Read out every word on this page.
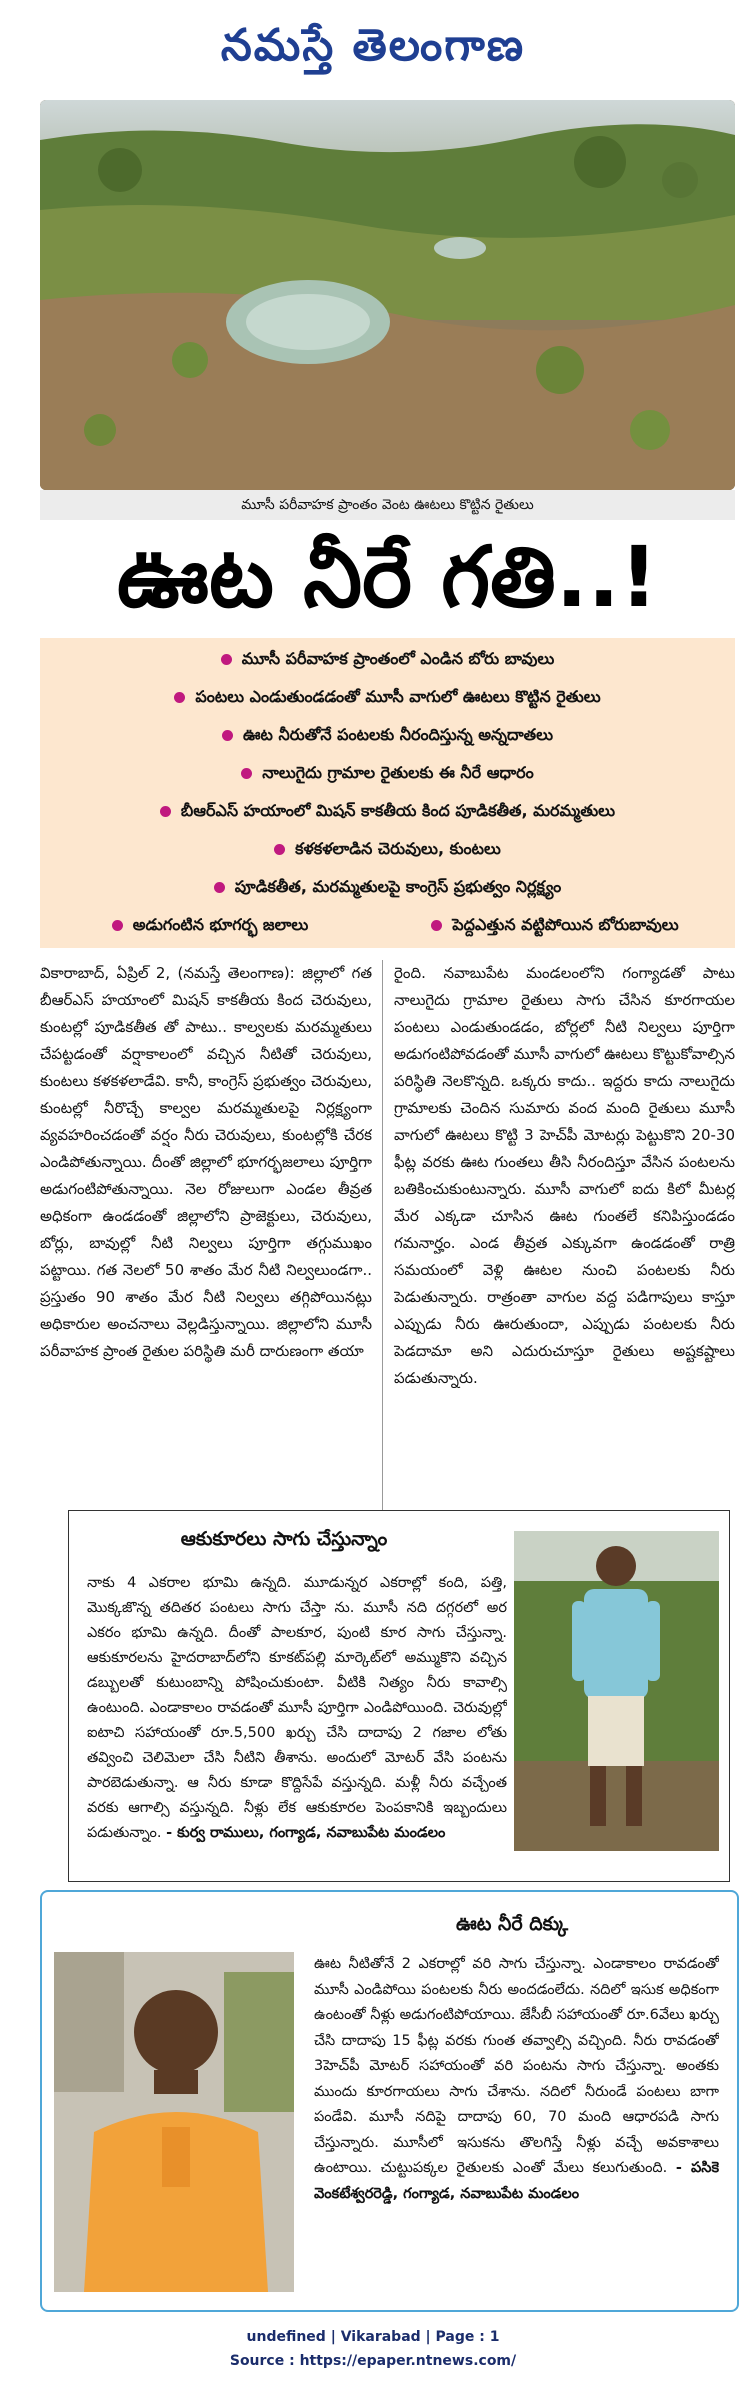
నమస్తే తెలంగాణ
మూసీ పరీవాహక ప్రాంతం వెంట ఊటలు కొట్టిన రైతులు
ఊట నీరే గతి..!
మూసీ పరీవాహక ప్రాంతంలో ఎండిన బోరు బావులు
పంటలు ఎండుతుండడంతో మూసీ వాగులో ఊటలు కొట్టిన రైతులు
ఊట నీరుతోనే పంటలకు నీరందిస్తున్న అన్నదాతలు
నాలుగైదు గ్రామాల రైతులకు ఈ నీరే ఆధారం
బీఆర్ఎస్ హయాంలో మిషన్ కాకతీయ కింద పూడికతీత, మరమ్మతులు
కళకళలాడిన చెరువులు, కుంటలు
పూడికతీత, మరమ్మతులపై కాంగ్రెస్ ప్రభుత్వం నిర్లక్ష్యం
అడుగంటిన భూగర్భ జలాలు	పెద్దఎత్తున వట్టిపోయిన బోరుబావులు
వికారాబాద్, ఏప్రిల్ 2, (నమస్తే తెలంగాణ): జిల్లాలో గత బీఆర్ఎస్ హయాంలో మిషన్ కాకతీయ కింద చెరువులు, కుంటల్లో పూడికతీత తో పాటు.. కాల్వలకు మరమ్మతులు చేపట్టడంతో వర్షాకాలంలో వచ్చిన నీటితో చెరువులు, కుంటలు కళకళలాడేవి. కానీ, కాంగ్రెస్ ప్రభుత్వం చెరువులు, కుంటల్లో నీరొచ్చే కాల్వల మరమ్మతులపై నిర్లక్ష్యంగా వ్యవహరించడంతో వర్షం నీరు చెరువులు, కుంటల్లోకి చేరక ఎండిపోతున్నాయి. దీంతో జిల్లాలో భూగర్భజలాలు పూర్తిగా అడుగంటిపోతున్నాయి. నెల రోజులుగా ఎండల తీవ్రత అధికంగా ఉండడంతో జిల్లాలోని ప్రాజెక్టులు, చెరువులు, బోర్లు, బావుల్లో నీటి నిల్వలు పూర్తిగా తగ్గుముఖం పట్టాయి. గత నెలలో 50 శాతం మేర నీటి నిల్వలుండగా.. ప్రస్తుతం 90 శాతం మేర నీటి నిల్వలు తగ్గిపోయినట్లు అధికారుల అంచనాలు వెల్లడిస్తున్నాయి. జిల్లాలోని మూసీ పరీవాహక ప్రాంత రైతుల పరిస్థితి మరీ దారుణంగా తయా
రైంది. నవాబుపేట మండలంలోని గంగ్యాడతో పాటు నాలుగైదు గ్రామాల రైతులు సాగు చేసిన కూరగాయల పంటలు ఎండుతుండడం, బోర్లలో నీటి నిల్వలు పూర్తిగా అడుగంటిపోవడంతో మూసీ వాగులో ఊటలు కొట్టుకోవాల్సిన పరిస్థితి నెలకొన్నది. ఒక్కరు కాదు.. ఇద్దరు కాదు నాలుగైదు గ్రామాలకు చెందిన సుమారు వంద మంది రైతులు మూసీ వాగులో ఊటలు కొట్టి 3 హెచ్‌పీ మోటర్లు పెట్టుకొని 20-30 ఫీట్ల వరకు ఊట గుంతలు తీసి నీరందిస్తూ వేసిన పంటలను బతికించుకుంటున్నారు. మూసీ వాగులో ఐదు కిలో మీటర్ల మేర ఎక్కడా చూసిన ఊట గుంతలే కనిపిస్తుండడం గమనార్హం. ఎండ తీవ్రత ఎక్కువగా ఉండడంతో రాత్రి సమయంలో వెళ్లి ఊటల నుంచి పంటలకు నీరు పెడుతున్నారు. రాత్రంతా వాగుల వద్ద పడిగాపులు కాస్తూ ఎప్పుడు నీరు ఊరుతుందా, ఎప్పుడు పంటలకు నీరు పెడదామా అని ఎదురుచూస్తూ రైతులు అష్టకష్టాలు పడుతున్నారు.
ఆకుకూరలు సాగు చేస్తున్నాం
నాకు 4 ఎకరాల భూమి ఉన్నది. మూడున్నర ఎకరాల్లో కంది, పత్తి, మొక్కజొన్న తదితర పంటలు సాగు చేస్తా ను. మూసీ నది దగ్గరలో అర ఎకరం భూమి ఉన్నది. దీంతో పాలకూర, పుంటి కూర సాగు చేస్తున్నా. ఆకుకూరలను హైదరాబాద్‌లోని కూకట్‌పల్లి మార్కెట్‌లో అమ్ముకొని వచ్చిన డబ్బులతో కుటుంబాన్ని పోషించుకుంటా. వీటికి నిత్యం నీరు కావాల్సి ఉంటుంది. ఎండాకాలం రావడంతో మూసీ పూర్తిగా ఎండిపోయింది. చెరువుల్లో ఐటాచి సహాయంతో రూ.5,500 ఖర్చు చేసి దాదాపు 2 గజాల లోతు తవ్వించి చెలిమెలా చేసి నీటిని తీశాను. అందులో మోటర్ వేసి పంటను పారబెడుతున్నా. ఆ నీరు కూడా కొద్దిసేపే వస్తున్నది. మళ్లీ నీరు వచ్చేంత వరకు ఆగాల్సి వస్తున్నది. నీళ్లు లేక ఆకుకూరల పెంపకానికి ఇబ్బందులు పడుతున్నాం. - కుర్వ రాములు, గంగ్యాడ, నవాబుపేట మండలం
ఊట నీరే దిక్కు
ఊట నీటితోనే 2 ఎకరాల్లో వరి సాగు చేస్తున్నా. ఎండాకాలం రావడంతో మూసీ ఎండిపోయి పంటలకు నీరు అందడంలేదు. నదిలో ఇసుక అధికంగా ఉంటంతో నీళ్లు అడుగంటిపోయాయి. జేసీబీ సహాయంతో రూ.6వేలు ఖర్చు చేసి దాదాపు 15 ఫీట్ల వరకు గుంత తవ్వాల్సి వచ్చింది. నీరు రావడంతో 3హెచ్‌పీ మోటర్ సహాయంతో వరి పంటను సాగు చేస్తున్నా. అంతకు ముందు కూరగాయలు సాగు చేశాను. నదిలో నీరుండే పంటలు బాగా పండేవి. మూసీ నదిపై దాదాపు 60, 70 మంది ఆధారపడి సాగు చేస్తున్నారు. మూసీలో ఇసుకను తొలగిస్తే నీళ్లు వచ్చే అవకాశాలు ఉంటాయి. చుట్టుపక్కల రైతులకు ఎంతో మేలు కలుగుతుంది. - పసికె వెంకటేశ్వరరెడ్డి, గంగ్యాడ, నవాబుపేట మండలం
undefined | Vikarabad | Page : 1
Source : https://epaper.ntnews.com/
